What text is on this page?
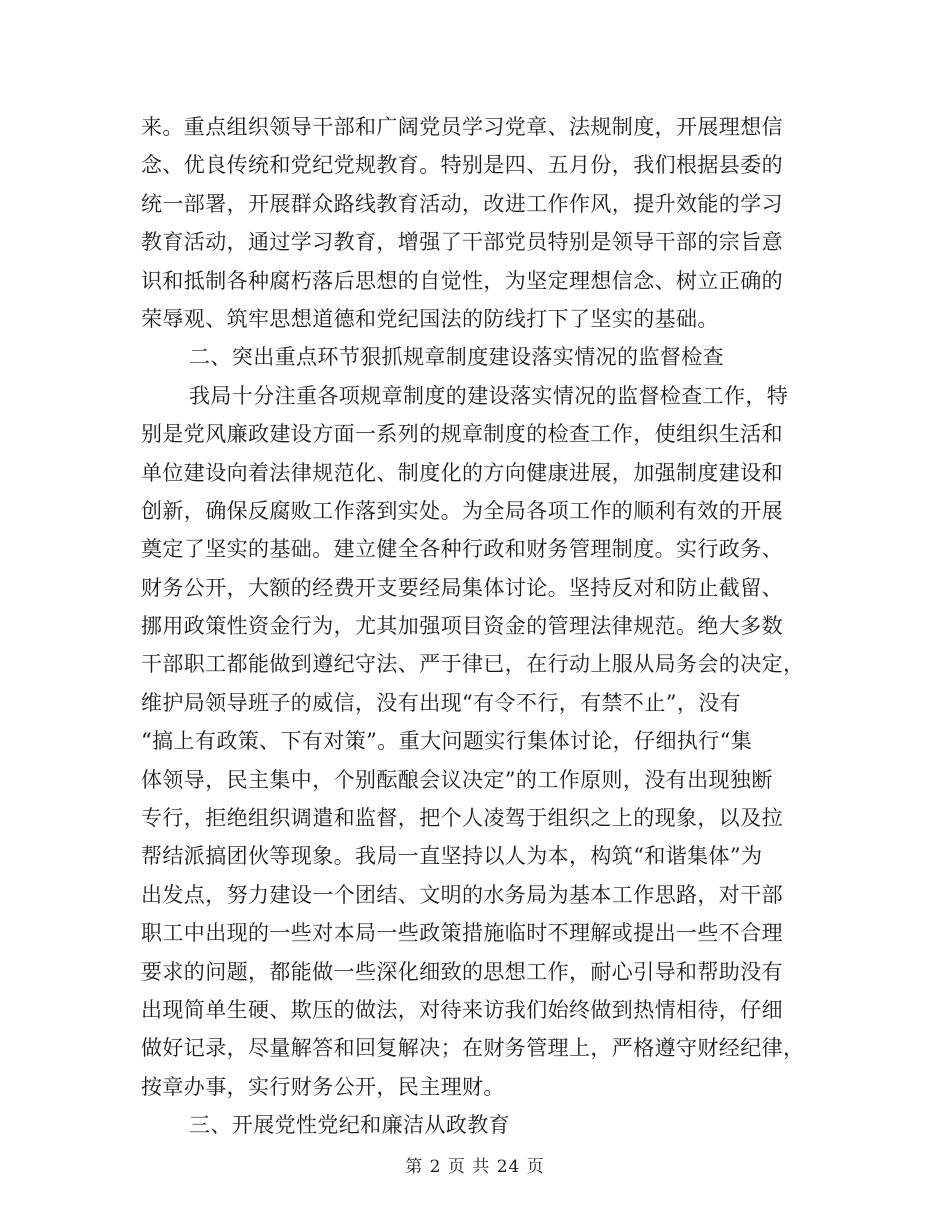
来。重点组织领导干部和广阔党员学习党章、法规制度，开展理想信
念、优良传统和党纪党规教育。特别是四、五月份，我们根据县委的
统一部署，开展群众路线教育活动，改进工作作风，提升效能的学习
教育活动，通过学习教育，增强了干部党员特别是领导干部的宗旨意
识和抵制各种腐朽落后思想的自觉性，为坚定理想信念、树立正确的
荣辱观、筑牢思想道德和党纪国法的防线打下了坚实的基础。
二、突出重点环节狠抓规章制度建设落实情况的监督检查
我局十分注重各项规章制度的建设落实情况的监督检查工作，特
别是党风廉政建设方面一系列的规章制度的检查工作，使组织生活和
单位建设向着法律规范化、制度化的方向健康进展，加强制度建设和
创新，确保反腐败工作落到实处。为全局各项工作的顺利有效的开展
奠定了坚实的基础。建立健全各种行政和财务管理制度。实行政务、
财务公开，大额的经费开支要经局集体讨论。坚持反对和防止截留、
挪用政策性资金行为，尤其加强项目资金的管理法律规范。绝大多数
干部职工都能做到遵纪守法、严于律已，在行动上服从局务会的决定，
维护局领导班子的威信，没有出现“有令不行，有禁不止”，没有
“搞上有政策、下有对策”。重大问题实行集体讨论，仔细执行“集
体领导，民主集中，个别酝酿会议决定”的工作原则，没有出现独断
专行，拒绝组织调遣和监督，把个人凌驾于组织之上的现象，以及拉
帮结派搞团伙等现象。我局一直坚持以人为本，构筑“和谐集体”为
出发点，努力建设一个团结、文明的水务局为基本工作思路，对干部
职工中出现的一些对本局一些政策措施临时不理解或提出一些不合理
要求的问题，都能做一些深化细致的思想工作，耐心引导和帮助没有
出现简单生硬、欺压的做法，对待来访我们始终做到热情相待，仔细
做好记录，尽量解答和回复解决；在财务管理上，严格遵守财经纪律，
按章办事，实行财务公开，民主理财。
三、开展党性党纪和廉洁从政教育
第 2 页 共 24 页
